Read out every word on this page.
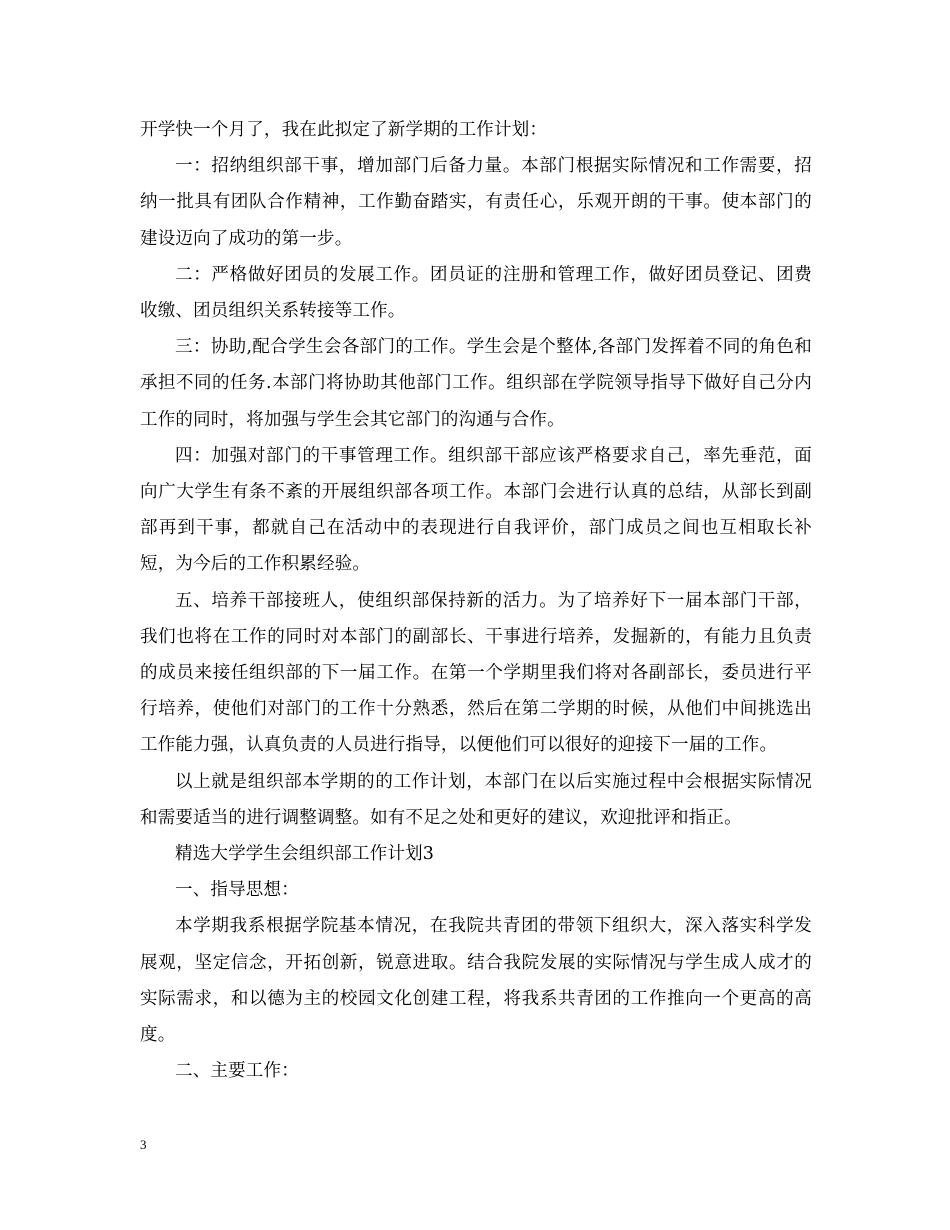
开学快一个月了，我在此拟定了新学期的工作计划：

一：招纳组织部干事，增加部门后备力量。本部门根据实际情况和工作需要，招纳一批具有团队合作精神，工作勤奋踏实，有责任心，乐观开朗的干事。使本部门的建设迈向了成功的第一步。

二：严格做好团员的发展工作。团员证的注册和管理工作，做好团员登记、团费收缴、团员组织关系转接等工作。

三：协助,配合学生会各部门的工作。学生会是个整体,各部门发挥着不同的角色和承担不同的任务.本部门将协助其他部门工作。组织部在学院领导指导下做好自己分内工作的同时，将加强与学生会其它部门的沟通与合作。

四：加强对部门的干事管理工作。组织部干部应该严格要求自己，率先垂范，面向广大学生有条不紊的开展组织部各项工作。本部门会进行认真的总结，从部长到副部再到干事，都就自己在活动中的表现进行自我评价，部门成员之间也互相取长补短，为今后的工作积累经验。

五、培养干部接班人，使组织部保持新的活力。为了培养好下一届本部门干部，我们也将在工作的同时对本部门的副部长、干事进行培养，发掘新的，有能力且负责的成员来接任组织部的下一届工作。在第一个学期里我们将对各副部长，委员进行平行培养，使他们对部门的工作十分熟悉，然后在第二学期的时候，从他们中间挑选出工作能力强，认真负责的人员进行指导，以便他们可以很好的迎接下一届的工作。

以上就是组织部本学期的的工作计划，本部门在以后实施过程中会根据实际情况和需要适当的进行调整调整。如有不足之处和更好的建议，欢迎批评和指正。

精选大学学生会组织部工作计划3

一、指导思想：

本学期我系根据学院基本情况，在我院共青团的带领下组织大，深入落实科学发展观，坚定信念，开拓创新，锐意进取。结合我院发展的实际情况与学生成人成才的实际需求，和以德为主的校园文化创建工程，将我系共青团的工作推向一个更高的高度。

二、主要工作：

3
